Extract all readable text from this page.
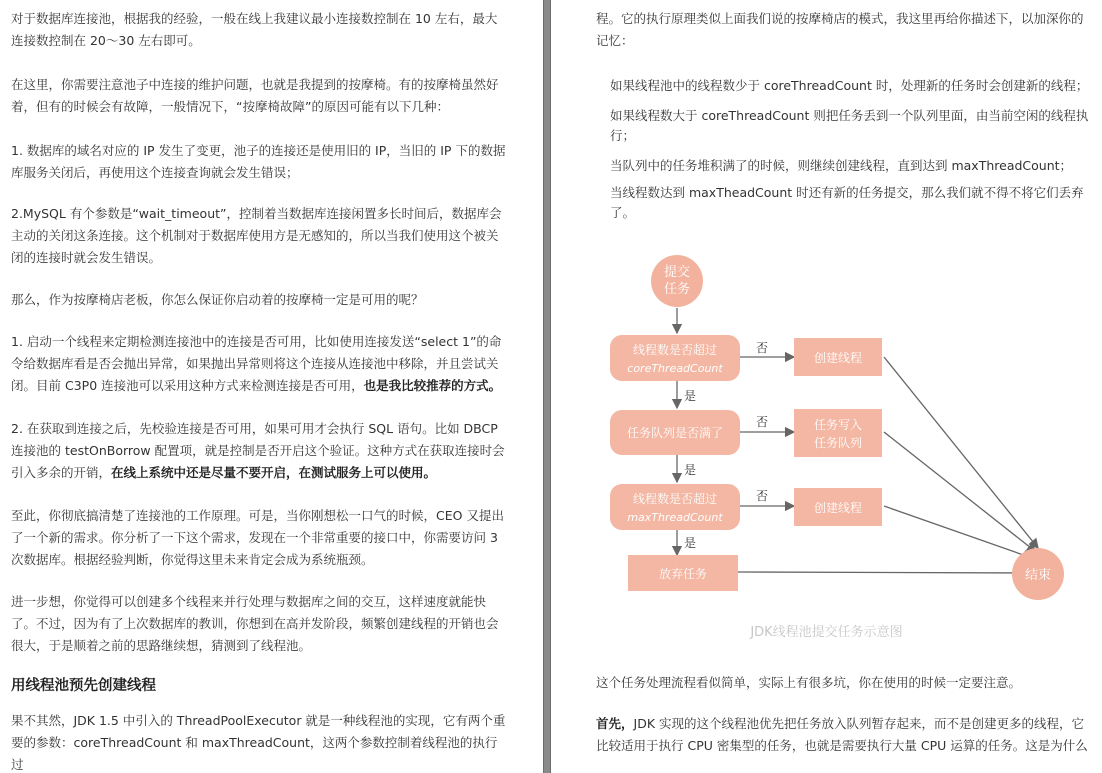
对于数据库连接池，根据我的经验，一般在线上我建议最小连接数控制在 10 左右，最大连接数控制在 20～30 左右即可。

在这里，你需要注意池子中连接的维护问题，也就是我提到的按摩椅。有的按摩椅虽然好着，但有的时候会有故障，一般情况下，“按摩椅故障”的原因可能有以下几种：

1. 数据库的域名对应的 IP 发生了变更，池子的连接还是使用旧的 IP，当旧的 IP 下的数据库服务关闭后，再使用这个连接查询就会发生错误；

2.MySQL 有个参数是“wait_timeout”，控制着当数据库连接闲置多长时间后，数据库会主动的关闭这条连接。这个机制对于数据库使用方是无感知的，所以当我们使用这个被关闭的连接时就会发生错误。

那么，作为按摩椅店老板，你怎么保证你启动着的按摩椅一定是可用的呢？

1. 启动一个线程来定期检测连接池中的连接是否可用，比如使用连接发送“select 1”的命令给数据库看是否会抛出异常，如果抛出异常则将这个连接从连接池中移除，并且尝试关闭。目前 C3P0 连接池可以采用这种方式来检测连接是否可用，也是我比较推荐的方式。

2. 在获取到连接之后，先校验连接是否可用，如果可用才会执行 SQL 语句。比如 DBCP 连接池的 testOnBorrow 配置项，就是控制是否开启这个验证。这种方式在获取连接时会引入多余的开销，在线上系统中还是尽量不要开启，在测试服务上可以使用。

至此，你彻底搞清楚了连接池的工作原理。可是，当你刚想松一口气的时候，CEO 又提出了一个新的需求。你分析了一下这个需求，发现在一个非常重要的接口中，你需要访问 3 次数据库。根据经验判断，你觉得这里未来肯定会成为系统瓶颈。

进一步想，你觉得可以创建多个线程来并行处理与数据库之间的交互，这样速度就能快了。不过，因为有了上次数据库的教训，你想到在高并发阶段，频繁创建线程的开销也会很大，于是顺着之前的思路继续想，猜测到了线程池。

用线程池预先创建线程

果不其然，JDK 1.5 中引入的 ThreadPoolExecutor 就是一种线程池的实现，它有两个重要的参数：coreThreadCount 和 maxThreadCount，这两个参数控制着线程池的执行过

程。它的执行原理类似上面我们说的按摩椅店的模式，我这里再给你描述下，以加深你的记忆：

如果线程池中的线程数少于 coreThreadCount 时，处理新的任务时会创建新的线程；

如果线程数大于 coreThreadCount 则把任务丢到一个队列里面，由当前空闲的线程执行；

当队列中的任务堆积满了的时候，则继续创建线程，直到达到 maxThreadCount；

当线程数达到 maxTheadCount 时还有新的任务提交，那么我们就不得不将它们丢弃了。

提交
任务
线程数是否超过
coreThreadCount
任务队列是否满了
线程数是否超过
maxThreadCount
放弃任务
创建线程
任务写入
任务队列
创建线程
结束
否
否
否
是
是
是
JDK线程池提交任务示意图

这个任务处理流程看似简单，实际上有很多坑，你在使用的时候一定要注意。

首先，JDK 实现的这个线程池优先把任务放入队列暂存起来，而不是创建更多的线程，它比较适用于执行 CPU 密集型的任务，也就是需要执行大量 CPU 运算的任务。这是为什么
